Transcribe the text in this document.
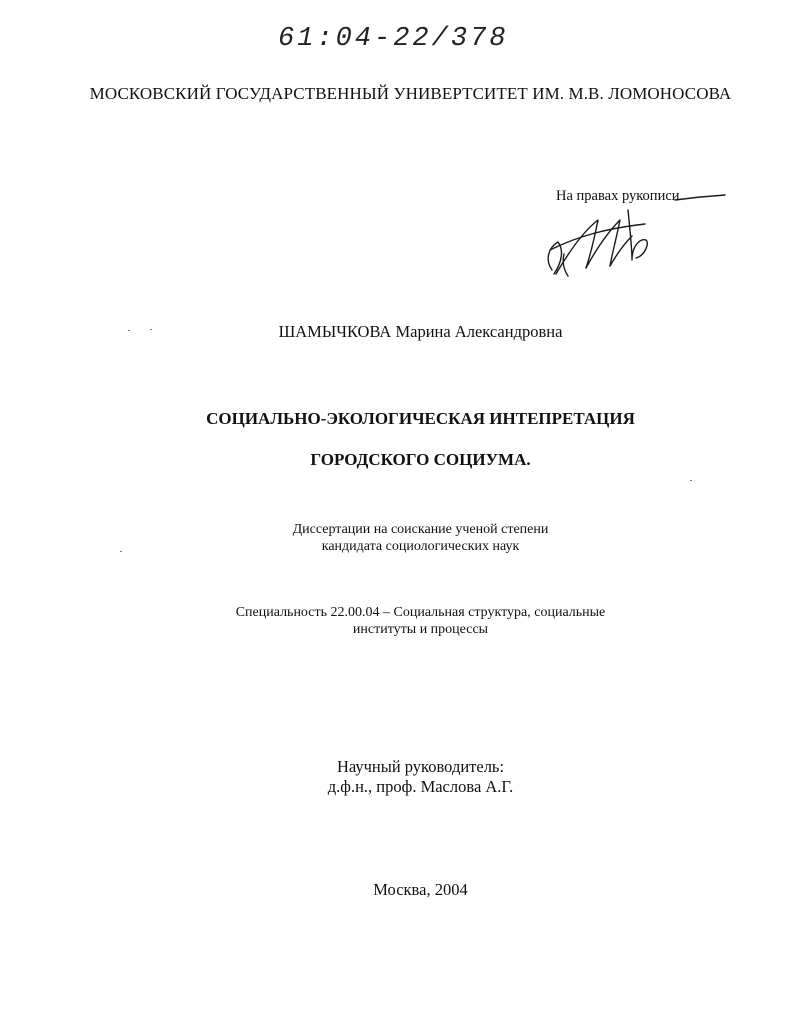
61:04-22/378
МОСКОВСКИЙ ГОСУДАРСТВЕННЫЙ УНИВЕРТСИТЕТ ИМ. М.В. ЛОМОНОСОВА
На правах рукописи
ШАМЫЧКОВА Марина Александровна
СОЦИАЛЬНО-ЭКОЛОГИЧЕСКАЯ ИНТЕПРЕТАЦИЯ
ГОРОДСКОГО СОЦИУМА.
Диссертации на соискание ученой степени
кандидата социологических наук
Специальность 22.00.04 – Социальная структура, социальные
институты и процессы
Научный руководитель:
д.ф.н., проф. Маслова А.Г.
Москва, 2004
